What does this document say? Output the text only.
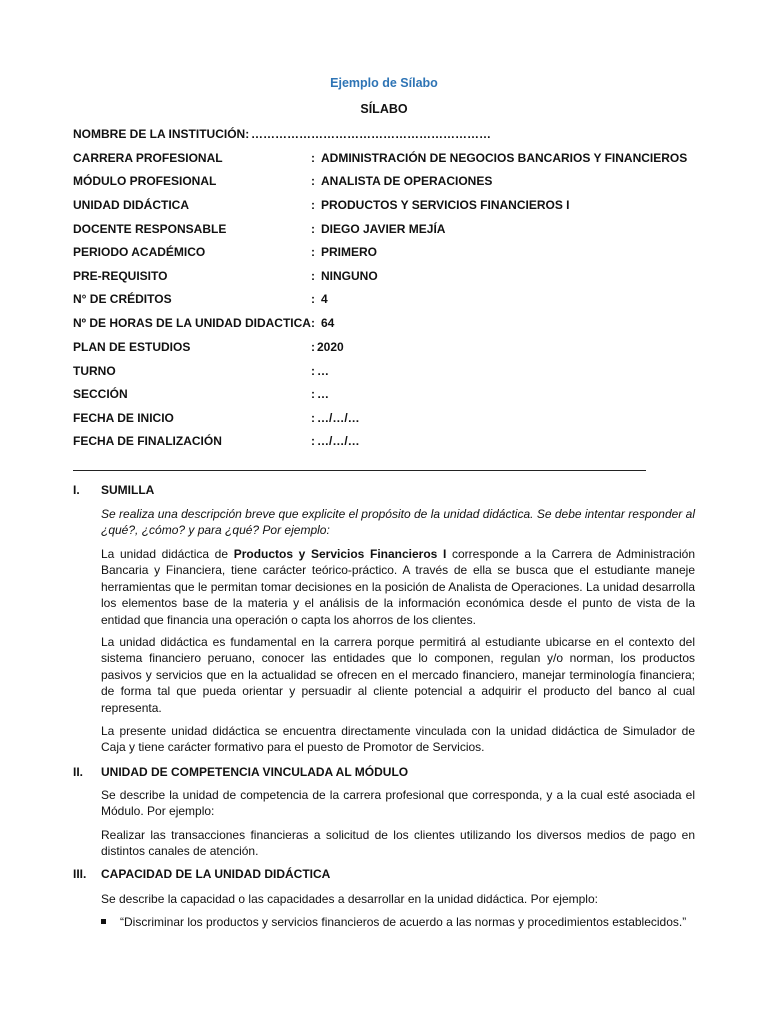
Ejemplo de Sílabo
SÍLABO
NOMBRE DE LA INSTITUCIÓN: ……………………………………………………
CARRERA PROFESIONAL	: ADMINISTRACIÓN DE NEGOCIOS BANCARIOS Y FINANCIEROS
MÓDULO PROFESIONAL	: ANALISTA DE OPERACIONES
UNIDAD DIDÁCTICA	: PRODUCTOS Y SERVICIOS FINANCIEROS I
DOCENTE RESPONSABLE	: DIEGO JAVIER MEJÍA
PERIODO ACADÉMICO	: PRIMERO
PRE-REQUISITO	: NINGUNO
N° DE CRÉDITOS	: 4
Nº DE HORAS DE LA UNIDAD DIDACTICA: 64
PLAN DE ESTUDIOS	: 2020
TURNO	: …
SECCIÓN	: …
FECHA DE INICIO	: …/…/…
FECHA DE FINALIZACIÓN	: …/…/…
I. SUMILLA
Se realiza una descripción breve que explicite el propósito de la unidad didáctica. Se debe intentar responder al ¿qué?, ¿cómo? y para ¿qué? Por ejemplo:
La unidad didáctica de Productos y Servicios Financieros I corresponde a la Carrera de Administración Bancaria y Financiera, tiene carácter teórico-práctico. A través de ella se busca que el estudiante maneje herramientas que le permitan tomar decisiones en la posición de Analista de Operaciones. La unidad desarrolla los elementos base de la materia y el análisis de la información económica desde el punto de vista de la entidad que financia una operación o capta los ahorros de los clientes.
La unidad didáctica es fundamental en la carrera porque permitirá al estudiante ubicarse en el contexto del sistema financiero peruano, conocer las entidades que lo componen, regulan y/o norman, los productos pasivos y servicios que en la actualidad se ofrecen en el mercado financiero, manejar terminología financiera; de forma tal que pueda orientar y persuadir al cliente potencial a adquirir el producto del banco al cual representa.
La presente unidad didáctica se encuentra directamente vinculada con la unidad didáctica de Simulador de Caja y tiene carácter formativo para el puesto de Promotor de Servicios.
II. UNIDAD DE COMPETENCIA VINCULADA AL MÓDULO
Se describe la unidad de competencia de la carrera profesional que corresponda, y a la cual esté asociada el Módulo. Por ejemplo:
Realizar las transacciones financieras a solicitud de los clientes utilizando los diversos medios de pago en distintos canales de atención.
III. CAPACIDAD DE LA UNIDAD DIDÁCTICA
Se describe la capacidad o las capacidades a desarrollar en la unidad didáctica. Por ejemplo:
“Discriminar los productos y servicios financieros de acuerdo a las normas y procedimientos establecidos.”
